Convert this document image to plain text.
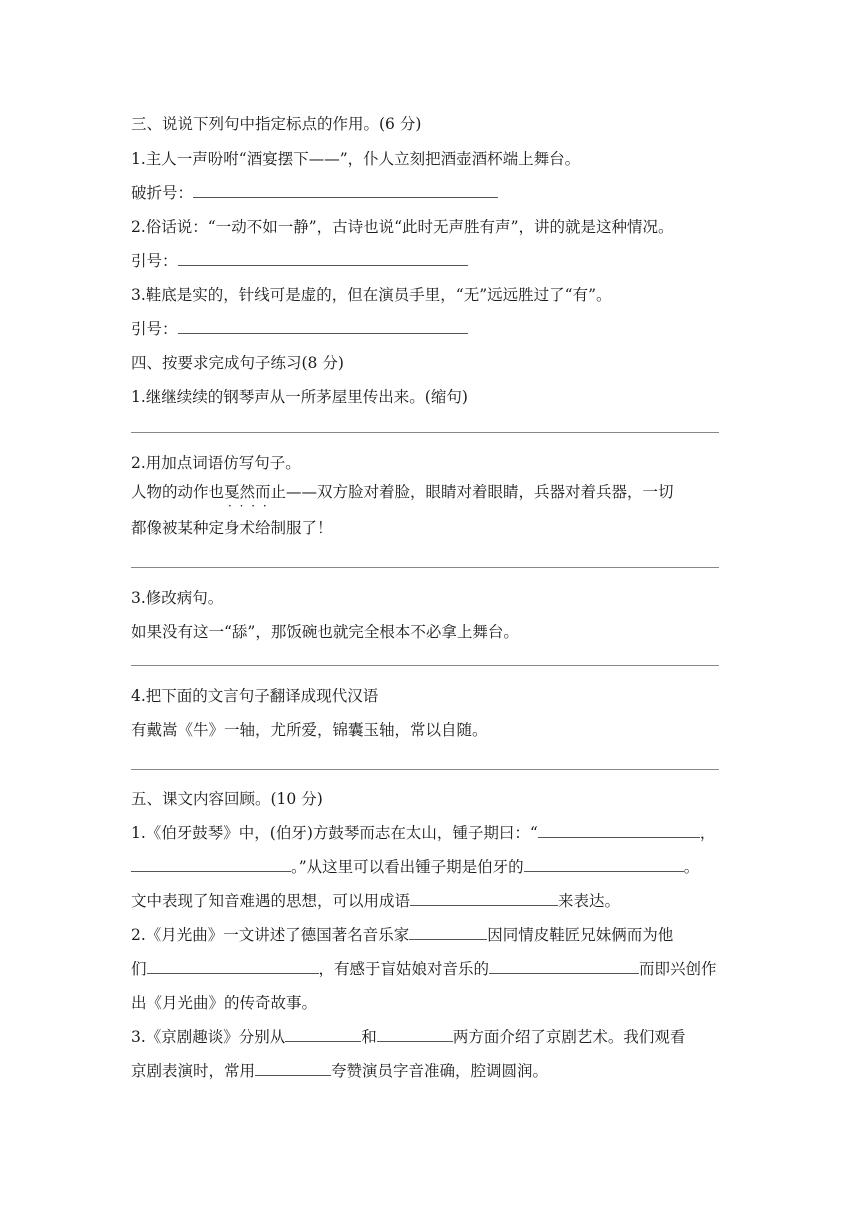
三、说说下列句中指定标点的作用。(6 分)
1.主人一声吩咐“酒宴摆下——”，仆人立刻把酒壶酒杯端上舞台。
破折号：
2.俗话说：“一动不如一静”，古诗也说“此时无声胜有声”，讲的就是这种情况。
引号：
3.鞋底是实的，针线可是虚的，但在演员手里，“无”远远胜过了“有”。
引号：
四、按要求完成句子练习(8 分)
1.继继续续的钢琴声从一所茅屋里传出来。(缩句)
2.用加点词语仿写句子。
人物的动作也戛然而止 · ·——双方脸对着脸，眼睛对着眼睛，兵器对着兵器，一切
都像被某种定身术给制服了！
3.修改病句。
如果没有这一“舔”，那饭碗也就完全根本不必拿上舞台。
4.把下面的文言句子翻译成现代汉语
有戴嵩《牛》一轴，尤所爱，锦囊玉轴，常以自随。
五、课文内容回顾。(10 分)
1.《伯牙鼓琴》中，(伯牙)方鼓琴而志在太山，锺子期曰：“	，
。”从这里可以看出锺子期是伯牙的	。
文中表现了知音难遇的思想，可以用成语	来表达。
2.《月光曲》一文讲述了德国著名音乐家	因同情皮鞋匠兄妹俩而为他
们	，有感于盲姑娘对音乐的	而即兴创作
出《月光曲》的传奇故事。
3.《京剧趣谈》分别从	和	两方面介绍了京剧艺术。我们观看
京剧表演时，常用	夸赞演员字音准确，腔调圆润。
